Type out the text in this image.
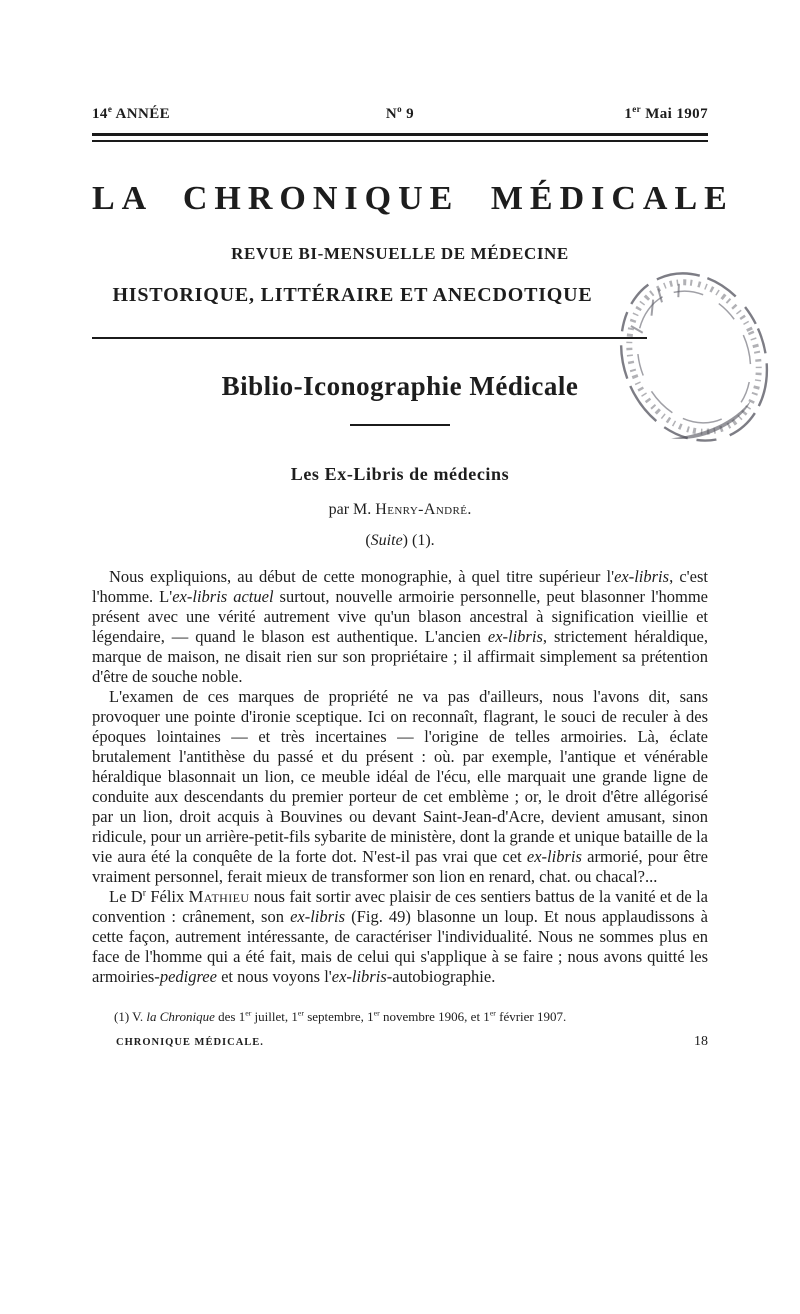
14e ANNÉE	$N^o$ 9	1er Mai 1907
LA CHRONIQUE MÉDICALE
REVUE BI-MENSUELLE DE MÉDECINE
HISTORIQUE, LITTÉRAIRE ET ANECDOTIQUE
Biblio-Iconographie Médicale
Les Ex-Libris de médecins
par M. Henry-André.
(Suite) (1).

Nous expliquions, au début de cette monographie, à quel titre supérieur l'ex-libris, c'est l'homme. L'ex-libris actuel surtout, nouvelle armoirie personnelle, peut blasonner l'homme présent avec une vérité autrement vive qu'un blason ancestral à signification vieillie et légendaire, — quand le blason est authentique. L'ancien ex-libris, strictement héraldique, marque de maison, ne disait rien sur son propriétaire ; il affirmait simplement sa prétention d'être de souche noble.

L'examen de ces marques de propriété ne va pas d'ailleurs, nous l'avons dit, sans provoquer une pointe d'ironie sceptique. Ici on reconnaît, flagrant, le souci de reculer à des époques lointaines — et très incertaines — l'origine de telles armoiries. Là, éclate brutalement l'antithèse du passé et du présent : où. par exemple, l'antique et vénérable héraldique blasonnait un lion, ce meuble idéal de l'écu, elle marquait une grande ligne de conduite aux descendants du premier porteur de cet emblème ; or, le droit d'être allégorisé par un lion, droit acquis à Bouvines ou devant Saint-Jean-d'Acre, devient amusant, sinon ridicule, pour un arrière-petit-fils sybarite de ministère, dont la grande et unique bataille de la vie aura été la conquête de la forte dot. N'est-il pas vrai que cet ex-libris armorié, pour être vraiment personnel, ferait mieux de transformer son lion en renard, chat. ou chacal?...

Le $D^r$ Félix Mathieu nous fait sortir avec plaisir de ces sentiers battus de la vanité et de la convention : crânement, son ex-libris (Fig. 49) blasonne un loup. Et nous applaudissons à cette façon, autrement intéressante, de caractériser l'individualité. Nous ne sommes plus en face de l'homme qui a été fait, mais de celui qui s'applique à se faire ; nous avons quitté les armoiries-pedigree et nous voyons l'ex-libris-autobiographie.

(1) V. la Chronique des 1er juillet, 1er septembre, 1er novembre 1906, et 1er février 1907.
CHRONIQUE MÉDICALE.	18
